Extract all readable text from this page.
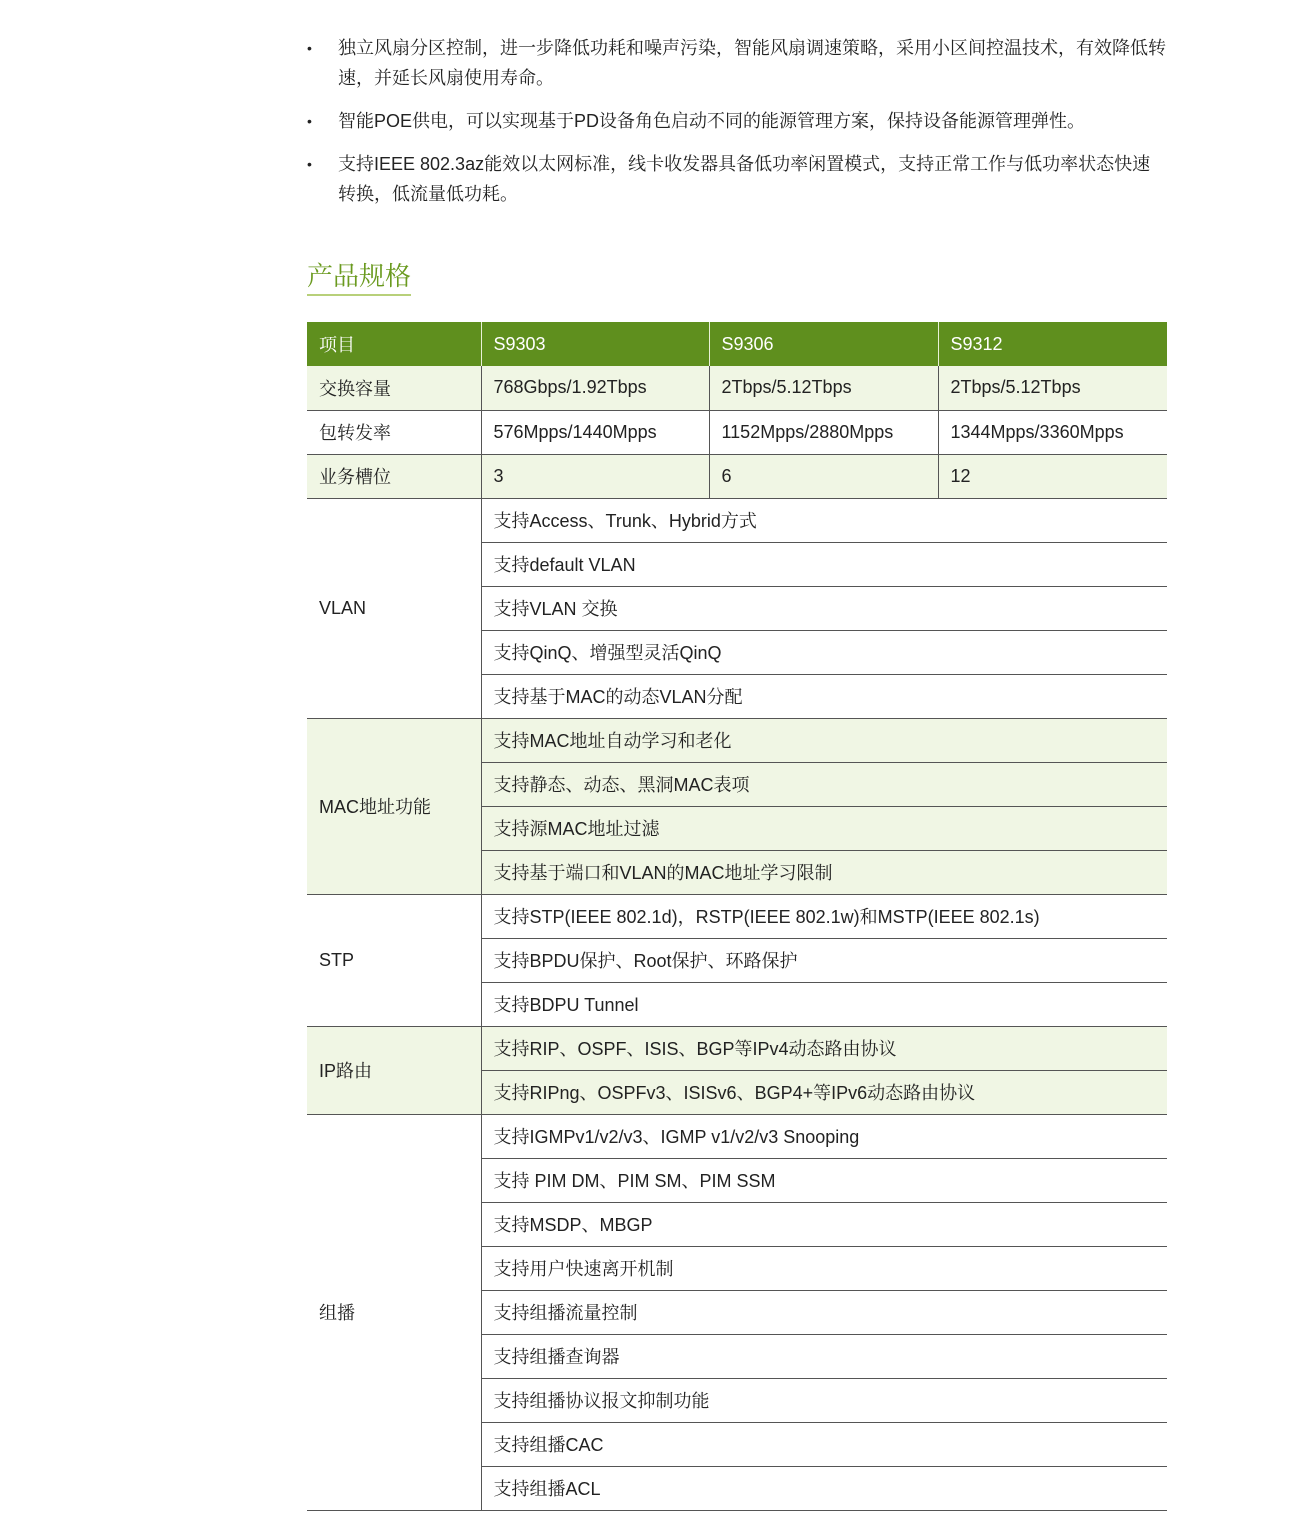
•	独立风扇分区控制，进一步降低功耗和噪声污染，智能风扇调速策略，采用小区间控温技术，有效降低转速，并延长风扇使用寿命。
•	智能POE供电，可以实现基于PD设备角色启动不同的能源管理方案，保持设备能源管理弹性。
•	支持IEEE 802.3az能效以太网标准，线卡收发器具备低功率闲置模式，支持正常工作与低功率状态快速转换，低流量低功耗。
产品规格
项目	S9303	S9306	S9312
交换容量	768Gbps/1.92Tbps	2Tbps/5.12Tbps	2Tbps/5.12Tbps
包转发率	576Mpps/1440Mpps	1152Mpps/2880Mpps	1344Mpps/3360Mpps
业务槽位	3	6	12
VLAN	支持Access、Trunk、Hybrid方式		
	支持default VLAN		
	支持VLAN 交换		
	支持QinQ、增强型灵活QinQ		
	支持基于MAC的动态VLAN分配		
MAC地址功能	支持MAC地址自动学习和老化		
	支持静态、动态、黑洞MAC表项		
	支持源MAC地址过滤		
	支持基于端口和VLAN的MAC地址学习限制		
STP	支持STP(IEEE 802.1d)，RSTP(IEEE 802.1w)和MSTP(IEEE 802.1s)		
	支持BPDU保护、Root保护、环路保护		
	支持BDPU Tunnel		
IP路由	支持RIP、OSPF、ISIS、BGP等IPv4动态路由协议		
	支持RIPng、OSPFv3、ISISv6、BGP4+等IPv6动态路由协议		
组播	支持IGMPv1/v2/v3、IGMP v1/v2/v3 Snooping		
	支持 PIM DM、PIM SM、PIM SSM		
	支持MSDP、MBGP		
	支持用户快速离开机制		
	支持组播流量控制		
	支持组播查询器		
	支持组播协议报文抑制功能		
	支持组播CAC		
	支持组播ACL		
